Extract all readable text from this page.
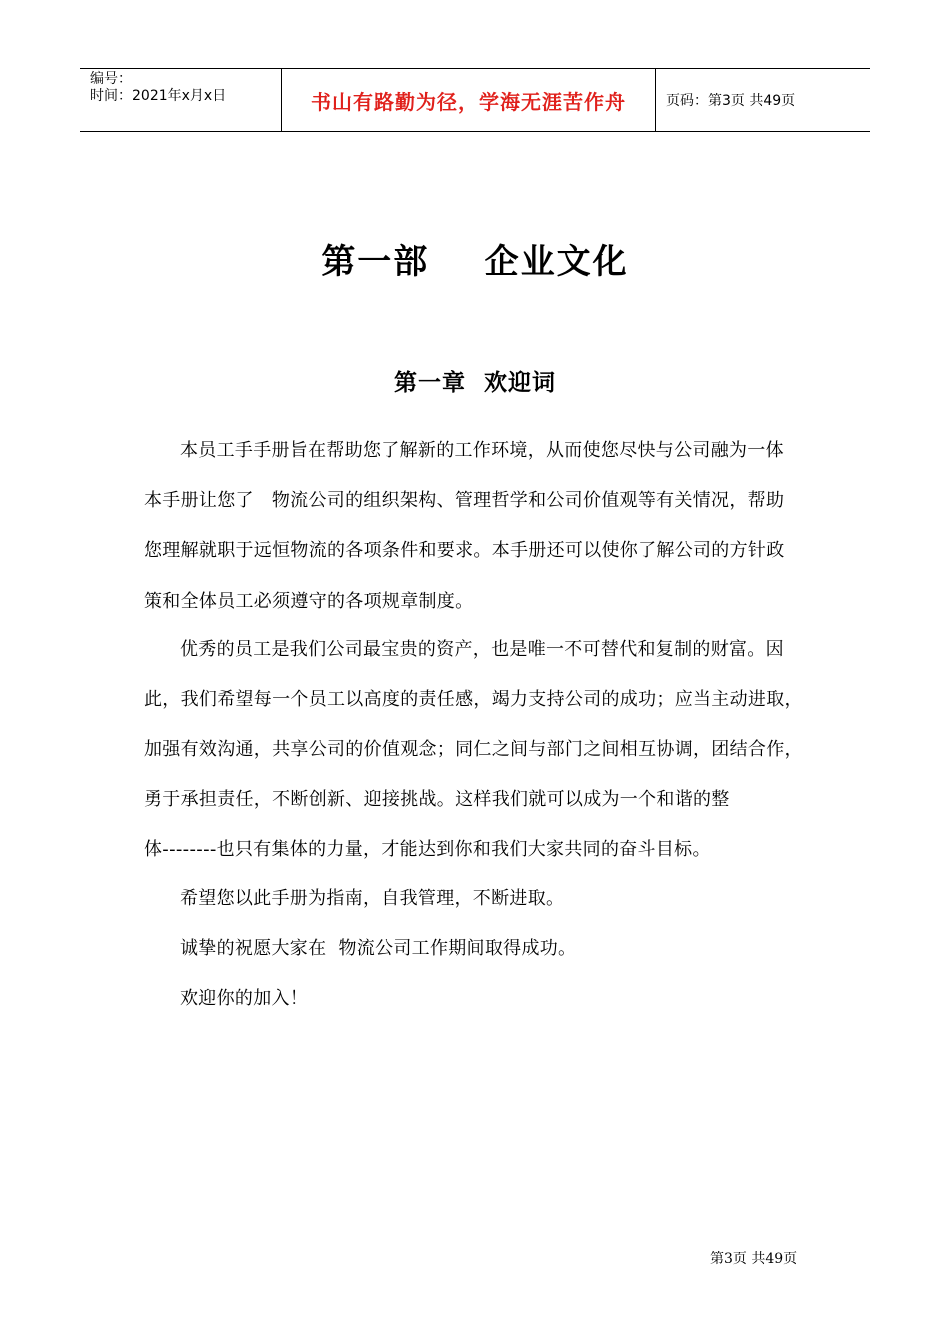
编号：
时间：2021年x月x日	书山有路勤为径，学海无涯苦作舟	页码：第3页 共49页
第一部    企业文化
第一章  欢迎词
本员工手手册旨在帮助您了解新的工作环境，从而使您尽快与公司融为一体
本手册让您了   物流公司的组织架构、管理哲学和公司价值观等有关情况，帮助
您理解就职于远恒物流的各项条件和要求。本手册还可以使你了解公司的方针政
策和全体员工必须遵守的各项规章制度。
优秀的员工是我们公司最宝贵的资产，也是唯一不可替代和复制的财富。因
此，我们希望每一个员工以高度的责任感，竭力支持公司的成功；应当主动进取，
加强有效沟通，共享公司的价值观念；同仁之间与部门之间相互协调，团结合作，
勇于承担责任，不断创新、迎接挑战。这样我们就可以成为一个和谐的整
体--------也只有集体的力量，才能达到你和我们大家共同的奋斗目标。
希望您以此手册为指南，自我管理，不断进取。
诚挚的祝愿大家在  物流公司工作期间取得成功。
欢迎你的加入！
第3页 共49页
